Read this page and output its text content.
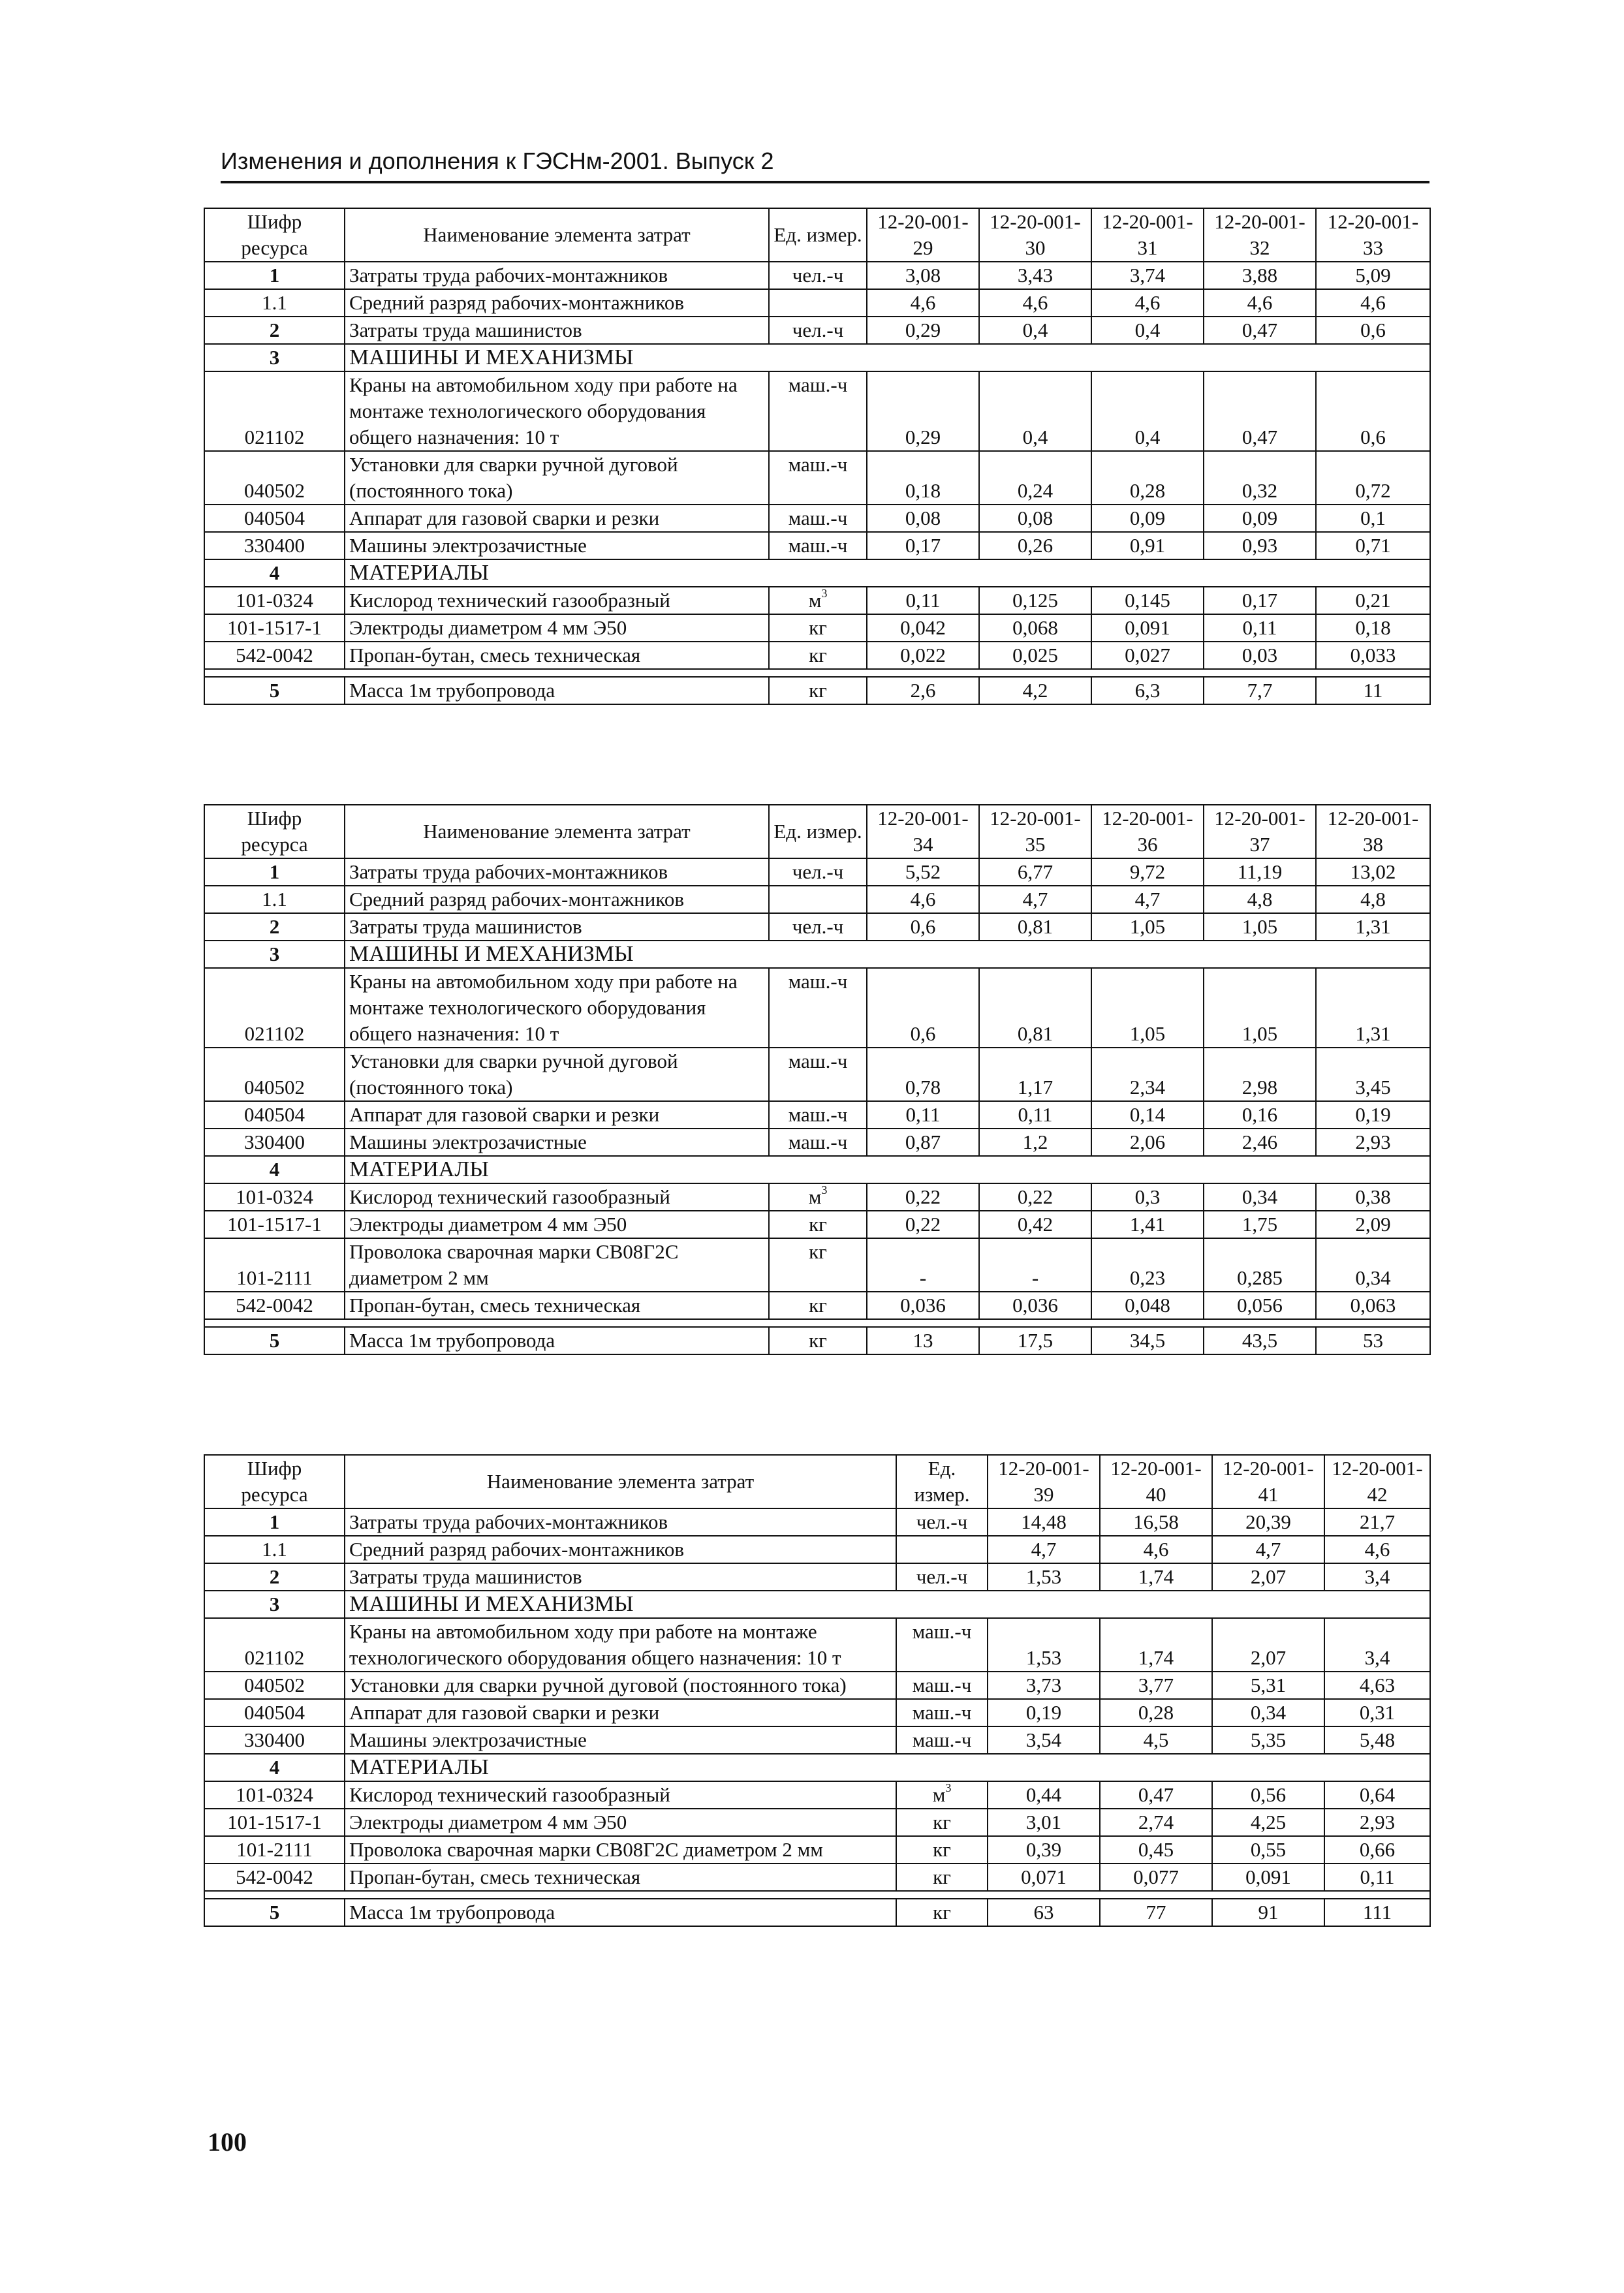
Изменения и дополнения к ГЭСНм-2001. Выпуск 2
Шифр ресурса	Наименование элемента затрат	Ед. измер.	12-20-001-29	12-20-001-30	12-20-001-31	12-20-001-32	12-20-001-33
1	Затраты труда рабочих-монтажников	чел.-ч	3,08	3,43	3,74	3,88	5,09
1.1	Средний разряд рабочих-монтажников		4,6	4,6	4,6	4,6	4,6
2	Затраты труда машинистов	чел.-ч	0,29	0,4	0,4	0,47	0,6
3	МАШИНЫ И МЕХАНИЗМЫ						
021102	Краны на автомобильном ходу при работе на монтаже технологического оборудования общего назначения: 10 т	маш.-ч	0,29	0,4	0,4	0,47	0,6
040502	Установки для сварки ручной дуговой (постоянного тока)	маш.-ч	0,18	0,24	0,28	0,32	0,72
040504	Аппарат для газовой сварки и резки	маш.-ч	0,08	0,08	0,09	0,09	0,1
330400	Машины электрозачистные	маш.-ч	0,17	0,26	0,91	0,93	0,71
4	МАТЕРИАЛЫ						
101-0324	Кислород технический газообразный	$м^3$	0,11	0,125	0,145	0,17	0,21
101-1517-1	Электроды диаметром 4 мм Э50	кг	0,042	0,068	0,091	0,11	0,18
542-0042	Пропан-бутан, смесь техническая	кг	0,022	0,025	0,027	0,03	0,033

5	Масса 1м трубопровода	кг	2,6	4,2	6,3	7,7	11
Шифр ресурса	Наименование элемента затрат	Ед. измер.	12-20-001-34	12-20-001-35	12-20-001-36	12-20-001-37	12-20-001-38
1	Затраты труда рабочих-монтажников	чел.-ч	5,52	6,77	9,72	11,19	13,02
1.1	Средний разряд рабочих-монтажников		4,6	4,7	4,7	4,8	4,8
2	Затраты труда машинистов	чел.-ч	0,6	0,81	1,05	1,05	1,31
3	МАШИНЫ И МЕХАНИЗМЫ						
021102	Краны на автомобильном ходу при работе на монтаже технологического оборудования общего назначения: 10 т	маш.-ч	0,6	0,81	1,05	1,05	1,31
040502	Установки для сварки ручной дуговой (постоянного тока)	маш.-ч	0,78	1,17	2,34	2,98	3,45
040504	Аппарат для газовой сварки и резки	маш.-ч	0,11	0,11	0,14	0,16	0,19
330400	Машины электрозачистные	маш.-ч	0,87	1,2	2,06	2,46	2,93
4	МАТЕРИАЛЫ						
101-0324	Кислород технический газообразный	$м^3$	0,22	0,22	0,3	0,34	0,38
101-1517-1	Электроды диаметром 4 мм Э50	кг	0,22	0,42	1,41	1,75	2,09
101-2111	Проволока сварочная марки СВ08Г2С диаметром 2 мм	кг	-	-	0,23	0,285	0,34
542-0042	Пропан-бутан, смесь техническая	кг	0,036	0,036	0,048	0,056	0,063

5	Масса 1м трубопровода	кг	13	17,5	34,5	43,5	53
Шифр ресурса	Наименование элемента затрат	Ед. измер.	12-20-001-39	12-20-001-40	12-20-001-41	12-20-001-42
1	Затраты труда рабочих-монтажников	чел.-ч	14,48	16,58	20,39	21,7
1.1	Средний разряд рабочих-монтажников		4,7	4,6	4,7	4,6
2	Затраты труда машинистов	чел.-ч	1,53	1,74	2,07	3,4
3	МАШИНЫ И МЕХАНИЗМЫ					
021102	Краны на автомобильном ходу при работе на монтаже технологического оборудования общего назначения: 10 т	маш.-ч	1,53	1,74	2,07	3,4
040502	Установки для сварки ручной дуговой (постоянного тока)	маш.-ч	3,73	3,77	5,31	4,63
040504	Аппарат для газовой сварки и резки	маш.-ч	0,19	0,28	0,34	0,31
330400	Машины электрозачистные	маш.-ч	3,54	4,5	5,35	5,48
4	МАТЕРИАЛЫ					
101-0324	Кислород технический газообразный	$м^3$	0,44	0,47	0,56	0,64
101-1517-1	Электроды диаметром 4 мм Э50	кг	3,01	2,74	4,25	2,93
101-2111	Проволока сварочная марки СВ08Г2С диаметром 2 мм	кг	0,39	0,45	0,55	0,66
542-0042	Пропан-бутан, смесь техническая	кг	0,071	0,077	0,091	0,11

5	Масса 1м трубопровода	кг	63	77	91	111
100
